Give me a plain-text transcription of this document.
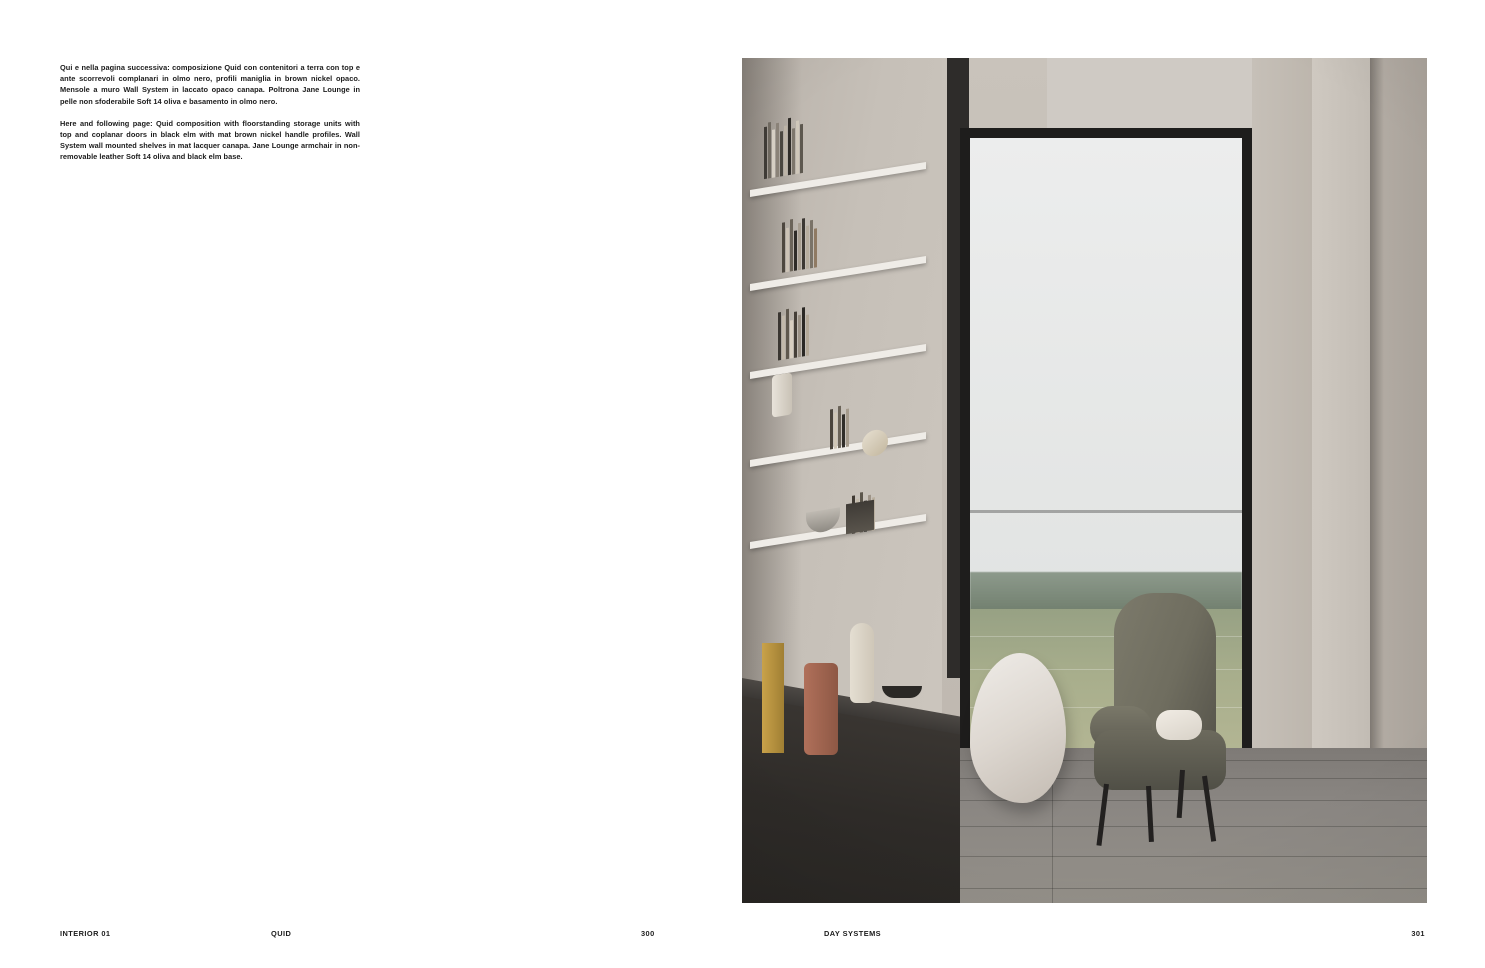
Qui e nella pagina successiva: composizione Quid con contenitori a terra con top e ante scorrevoli complanari in olmo nero, profili maniglia in brown nickel opaco. Mensole a muro Wall System in laccato opaco canapa. Poltrona Jane Lounge in pelle non sfoderabile Soft 14 oliva e basamento in olmo nero.

Here and following page: Quid composition with floorstanding storage units with top and coplanar doors in black elm with mat brown nickel handle profiles. Wall System wall mounted shelves in mat lacquer canapa. Jane Lounge armchair in non-removable leather Soft 14 oliva and black elm base.

INTERIOR 01	QUID	300	DAY SYSTEMS	301
